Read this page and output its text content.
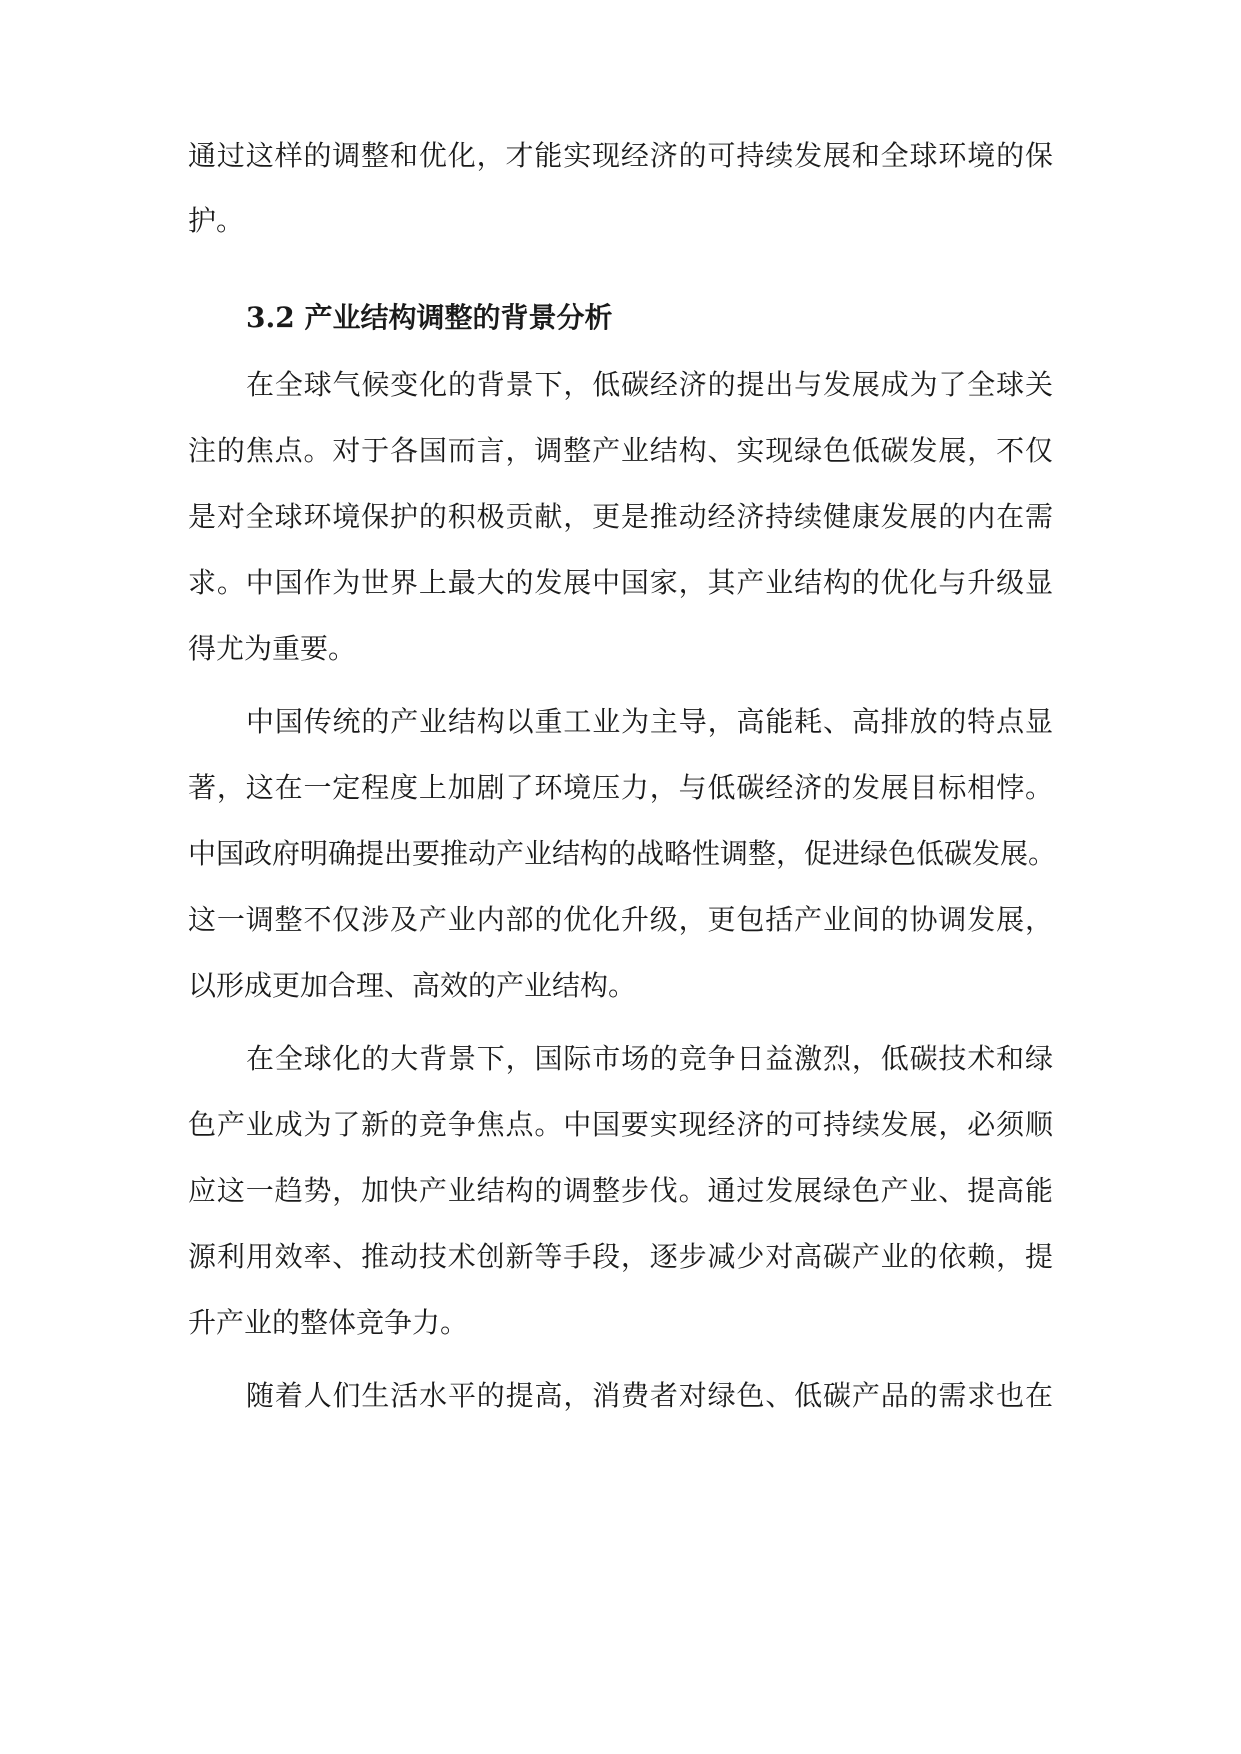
通过这样的调整和优化，才能实现经济的可持续发展和全球环境的保
护。
3.2 产业结构调整的背景分析
在全球气候变化的背景下，低碳经济的提出与发展成为了全球关
注的焦点。对于各国而言，调整产业结构、实现绿色低碳发展，不仅
是对全球环境保护的积极贡献，更是推动经济持续健康发展的内在需
求。中国作为世界上最大的发展中国家，其产业结构的优化与升级显
得尤为重要。
中国传统的产业结构以重工业为主导，高能耗、高排放的特点显
著，这在一定程度上加剧了环境压力，与低碳经济的发展目标相悖。
中国政府明确提出要推动产业结构的战略性调整，促进绿色低碳发展。
这一调整不仅涉及产业内部的优化升级，更包括产业间的协调发展，
以形成更加合理、高效的产业结构。
在全球化的大背景下，国际市场的竞争日益激烈，低碳技术和绿
色产业成为了新的竞争焦点。中国要实现经济的可持续发展，必须顺
应这一趋势，加快产业结构的调整步伐。通过发展绿色产业、提高能
源利用效率、推动技术创新等手段，逐步减少对高碳产业的依赖，提
升产业的整体竞争力。
随着人们生活水平的提高，消费者对绿色、低碳产品的需求也在
